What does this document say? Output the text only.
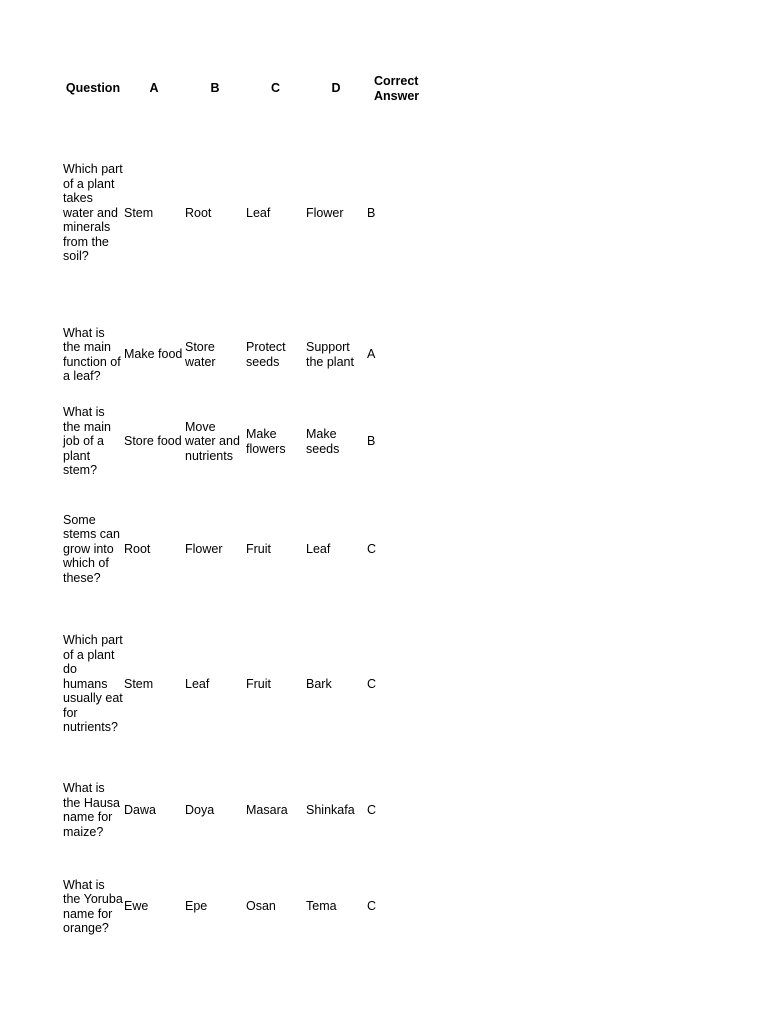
Question	A	B	C	D	Correct Answer
Which part of a plant takes water and minerals from the soil?	Stem	Root	Leaf	Flower	B
What is the main function of a leaf?	Make food	Store water	Protect seeds	Support the plant	A
What is the main job of a plant stem?	Store food	Move water and nutrients	Make flowers	Make seeds	B
Some stems can grow into which of these?	Root	Flower	Fruit	Leaf	C
Which part of a plant do humans usually eat for nutrients?	Stem	Leaf	Fruit	Bark	C
What is the Hausa name for maize?	Dawa	Doya	Masara	Shinkafa	C
What is the Yoruba name for orange?	Ewe	Epe	Osan	Tema	C
